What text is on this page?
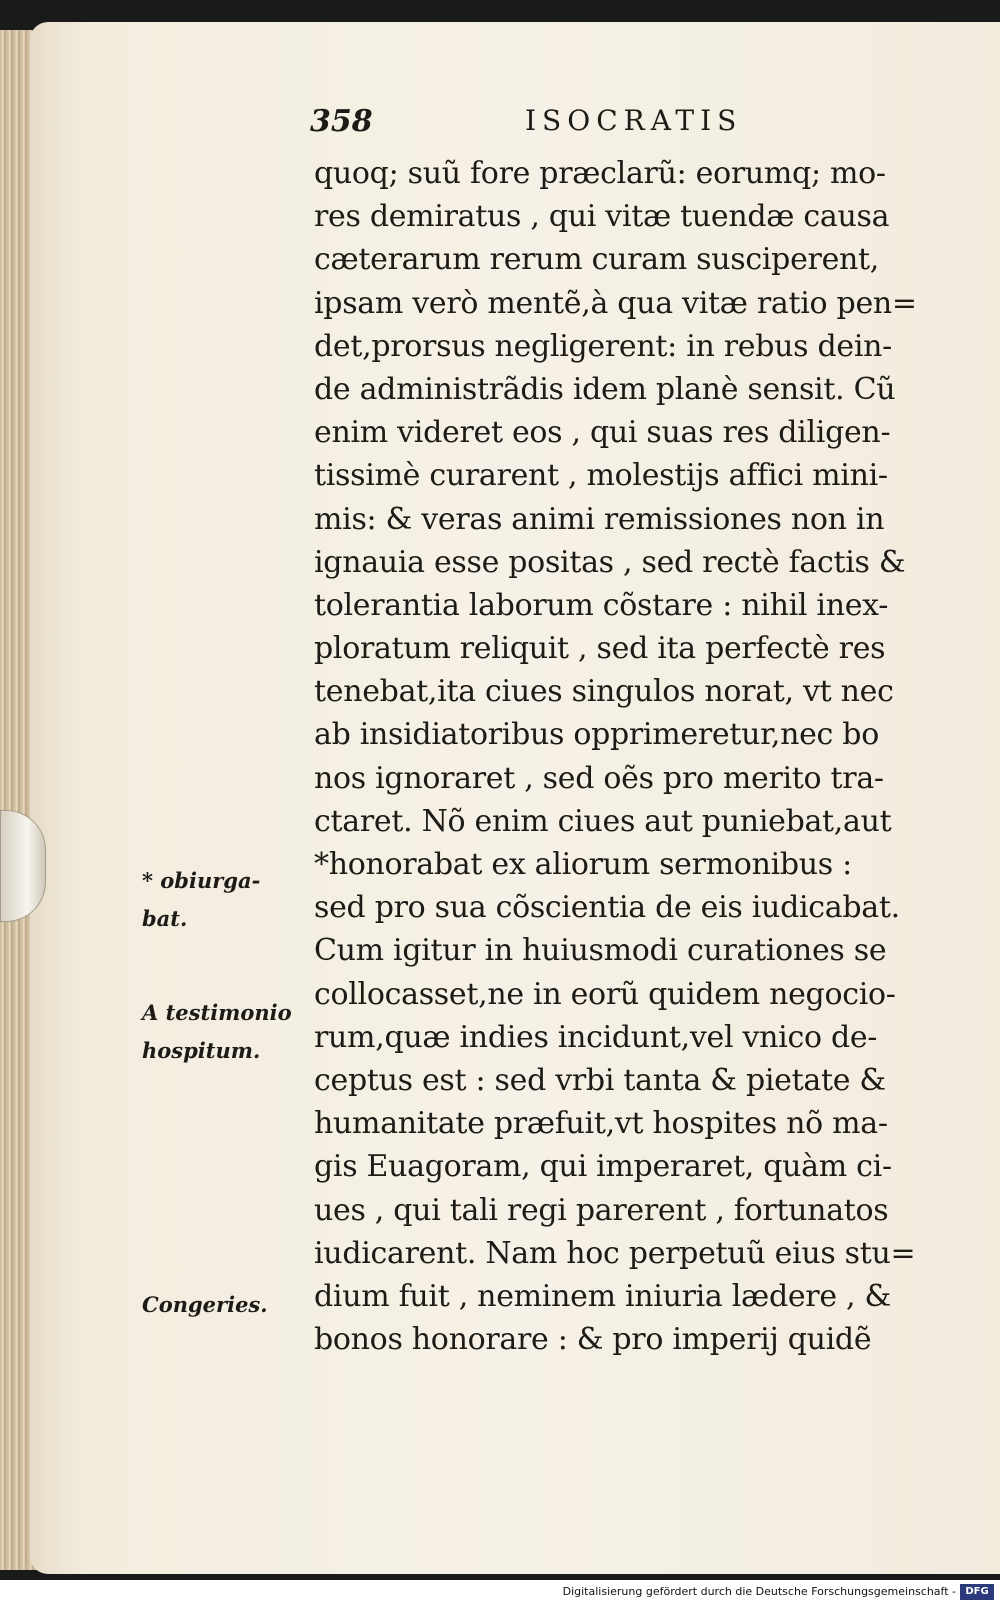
358	ISOCRATIS
quoq; suũ fore præclarũ: eorumq; mo-
res demiratus , qui vitæ tuendæ causa
cæterarum rerum curam susciperent,
ipsam verò mentẽ,à qua vitæ ratio pen=
det,prorsus negligerent: in rebus dein-
de administrãdis idem planè sensit. Cũ
enim videret eos , qui suas res diligen-
tissimè curarent , molestijs affici mini-
mis: & veras animi remissiones non in
ignauia esse positas , sed rectè factis &
tolerantia laborum cõstare : nihil inex-
ploratum reliquit , sed ita perfectè res
tenebat,ita ciues singulos norat, vt nec
ab insidiatoribus opprimeretur,nec bo
nos ignoraret , sed oẽs pro merito tra-
ctaret. Nõ enim ciues aut puniebat,aut
*honorabat ex aliorum sermonibus :
sed pro sua cõscientia de eis iudicabat.
Cum igitur in huiusmodi curationes se
collocasset,ne in eorũ quidem negocio-
rum,quæ indies incidunt,vel vnico de-
ceptus est : sed vrbi tanta & pietate &
humanitate præfuit,vt hospites nõ ma-
gis Euagoram, qui imperaret, quàm ci-
ues , qui tali regi parerent , fortunatos
iudicarent. Nam hoc perpetuũ eius stu=
dium fuit , neminem iniuria lædere , &
bonos honorare : & pro imperij quidẽ
* obiurga-
bat.
A testimonio
hospitum.
Congeries.
Digitalisierung gefördert durch die Deutsche Forschungsgemeinschaft - DFG
